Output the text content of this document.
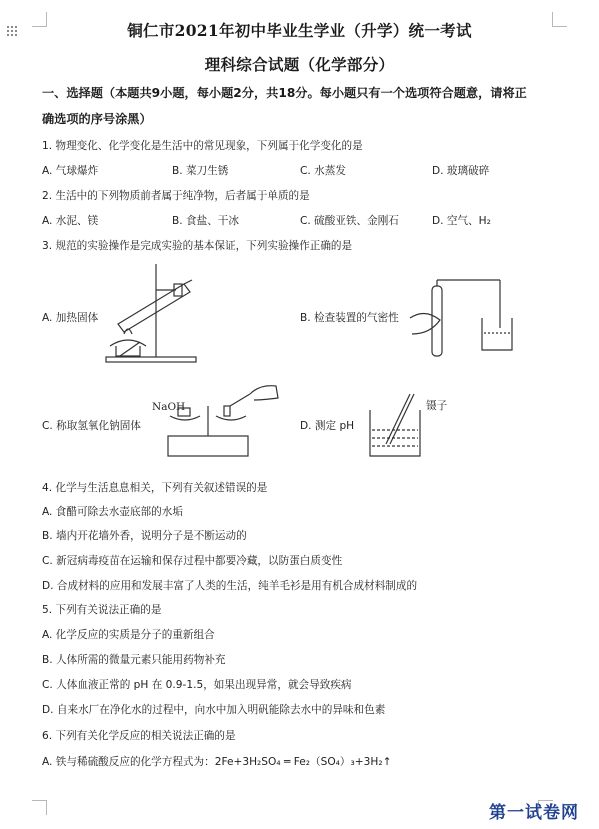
铜仁市2021年初中毕业生学业（升学）统一考试
理科综合试题（化学部分）
一、选择题（本题共9小题，每小题2分，共18分。每小题只有一个选项符合题意，请将正
确选项的序号涂黑）
1. 物理变化、化学变化是生活中的常见现象，下列属于化学变化的是
A. 气球爆炸	B. 菜刀生锈	C. 水蒸发	D. 玻璃破碎
2. 生活中的下列物质前者属于纯净物，后者属于单质的是
A. 水泥、镁	B. 食盐、干冰	C. 硫酸亚铁、金刚石	D. 空气、H₂
3. 规范的实验操作是完成实验的基本保证，下列实验操作正确的是
A. 加热固体	B. 检查装置的气密性
NaOH
C. 称取氢氧化钠固体
镊子
D. 测定 pH
4. 化学与生活息息相关，下列有关叙述错误的是
A. 食醋可除去水壶底部的水垢
B. 墙内开花墙外香，说明分子是不断运动的
C. 新冠病毒疫苗在运输和保存过程中都要冷藏，以防蛋白质变性
D. 合成材料的应用和发展丰富了人类的生活，纯羊毛衫是用有机合成材料制成的
5. 下列有关说法正确的是
A. 化学反应的实质是分子的重新组合
B. 人体所需的微量元素只能用药物补充
C. 人体血液正常的 pH 在 0.9-1.5，如果出现异常，就会导致疾病
D. 自来水厂在净化水的过程中，向水中加入明矾能除去水中的异味和色素
6. 下列有关化学反应的相关说法正确的是
A. 铁与稀硫酸反应的化学方程式为：2Fe+3H₂SO₄ ═ Fe₂（SO₄）₃+3H₂↑
第一试卷网
